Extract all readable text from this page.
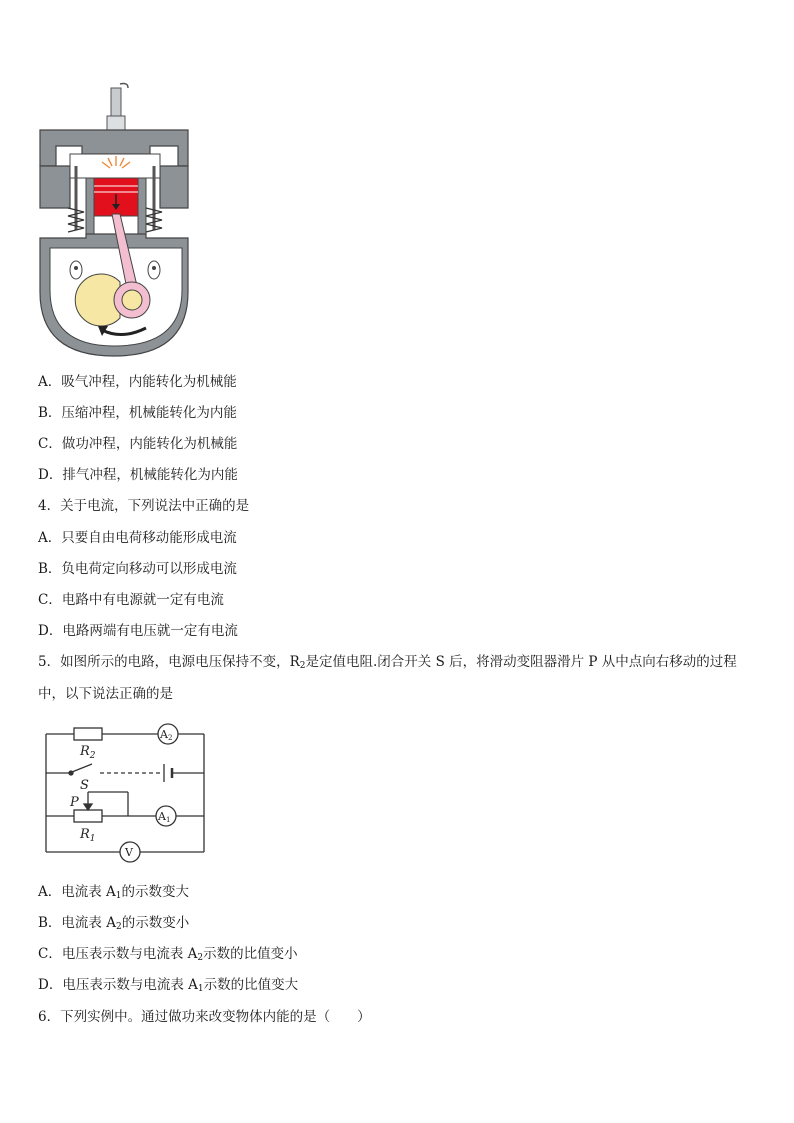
A．吸气冲程，内能转化为机械能
B．压缩冲程，机械能转化为内能
C．做功冲程，内能转化为机械能
D．排气冲程，机械能转化为内能
4．关于电流，下列说法中正确的是
A．只要自由电荷移动能形成电流
B．负电荷定向移动可以形成电流
C．电路中有电源就一定有电流
D．电路两端有电压就一定有电流
5．如图所示的电路，电源电压保持不变，$R_2$是定值电阻.闭合开关 S 后，将滑动变阻器滑片 P 从中点向右移动的过程
中，以下说法正确的是
$R_2$
A2
S
P
$R_1$
A1
V
A．电流表 $A_1$的示数变大
B．电流表 $A_2$的示数变小
C．电压表示数与电流表 $A_2$示数的比值变小
D．电压表示数与电流表 $A_1$示数的比值变大
6．下列实例中。通过做功来改变物体内能的是（　　）
